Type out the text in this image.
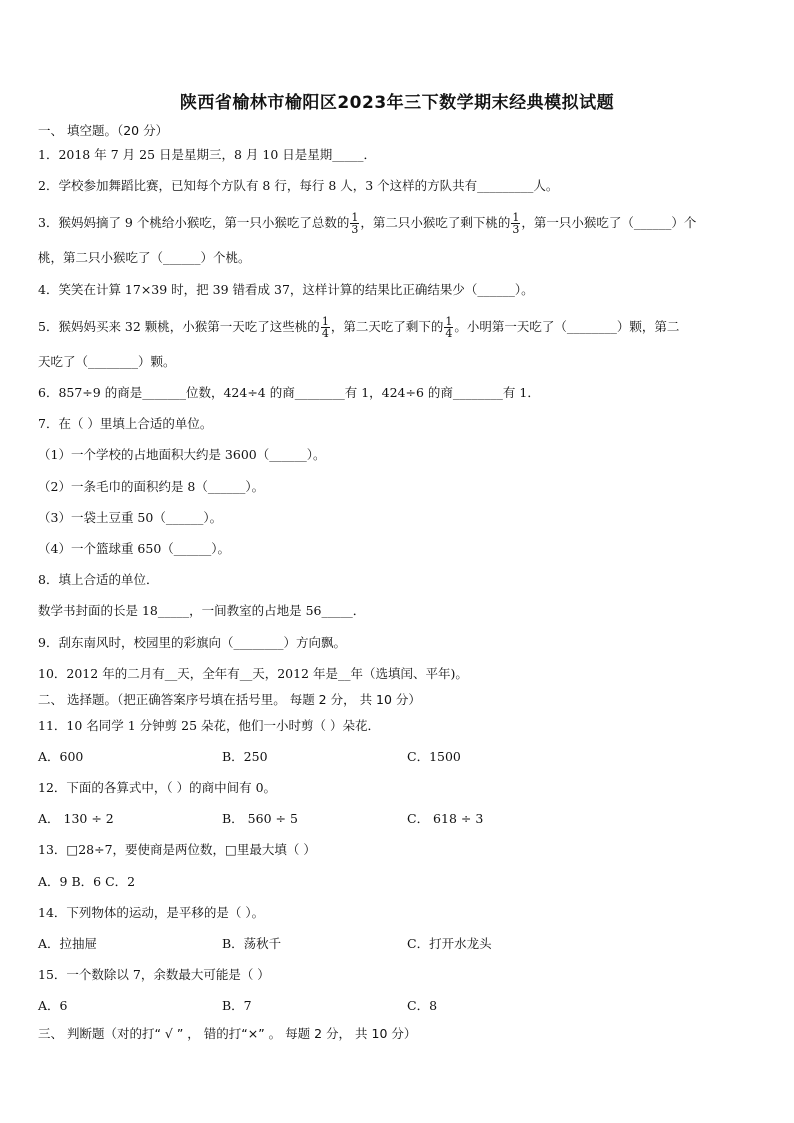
陕西省榆林市榆阳区2023年三下数学期末经典模拟试题
一、 填空题。（20 分）
1．2018 年 7 月 25 日是星期三，8 月 10 日是星期_____．
2．学校参加舞蹈比赛，已知每个方队有 8 行，每行 8 人，3 个这样的方队共有_________人。
3．猴妈妈摘了 9 个桃给小猴吃，第一只小猴吃了总数的 $\frac{1}{3}$ ，第二只小猴吃了剩下桃的 $\frac{1}{3}$ ，第一只小猴吃了（______）个
桃，第二只小猴吃了（______）个桃。
4．笑笑在计算 17×39 时，把 39 错看成 37，这样计算的结果比正确结果少（______）。
5．猴妈妈买来 32 颗桃，小猴第一天吃了这些桃的 $\frac{1}{4}$ ，第二天吃了剩下的 $\frac{1}{4}$ 。小明第一天吃了（________）颗，第二
天吃了（________）颗。
6．857÷9 的商是_______位数，424÷4 的商________有 1，424÷6 的商________有 1．
7．在（ ）里填上合适的单位。
（1）一个学校的占地面积大约是 3600（______）。
（2）一条毛巾的面积约是 8（______）。
（3）一袋土豆重 50（______）。
（4）一个篮球重 650（______）。
8．填上合适的单位．
数学书封面的长是 18_____，一间教室的占地是 56_____．
9．刮东南风时，校园里的彩旗向（________）方向飘。
10．2012 年的二月有__天，全年有__天，2012 年是__年（选填闰、平年)。
二、 选择题。（把正确答案序号填在括号里。 每题 2 分， 共 10 分）
11．10 名同学 1 分钟剪 25 朵花，他们一小时剪（ ）朵花．
A．600	B．250	C．1500
12．下面的各算式中，（ ）的商中间有 0。
A． 130 ÷ 2	B． 560 ÷ 5	C． 618 ÷ 3
13．□28÷7，要使商是两位数，□里最大填（ ）
A．9 B．6 C．2
14．下列物体的运动，是平移的是（ ）。
A．拉抽屉	B．荡秋千	C．打开水龙头
15．一个数除以 7，余数最大可能是（ ）
A．6	B．7	C．8
三、 判断题（对的打“ √ ” ， 错的打“×” 。 每题 2 分， 共 10 分）
